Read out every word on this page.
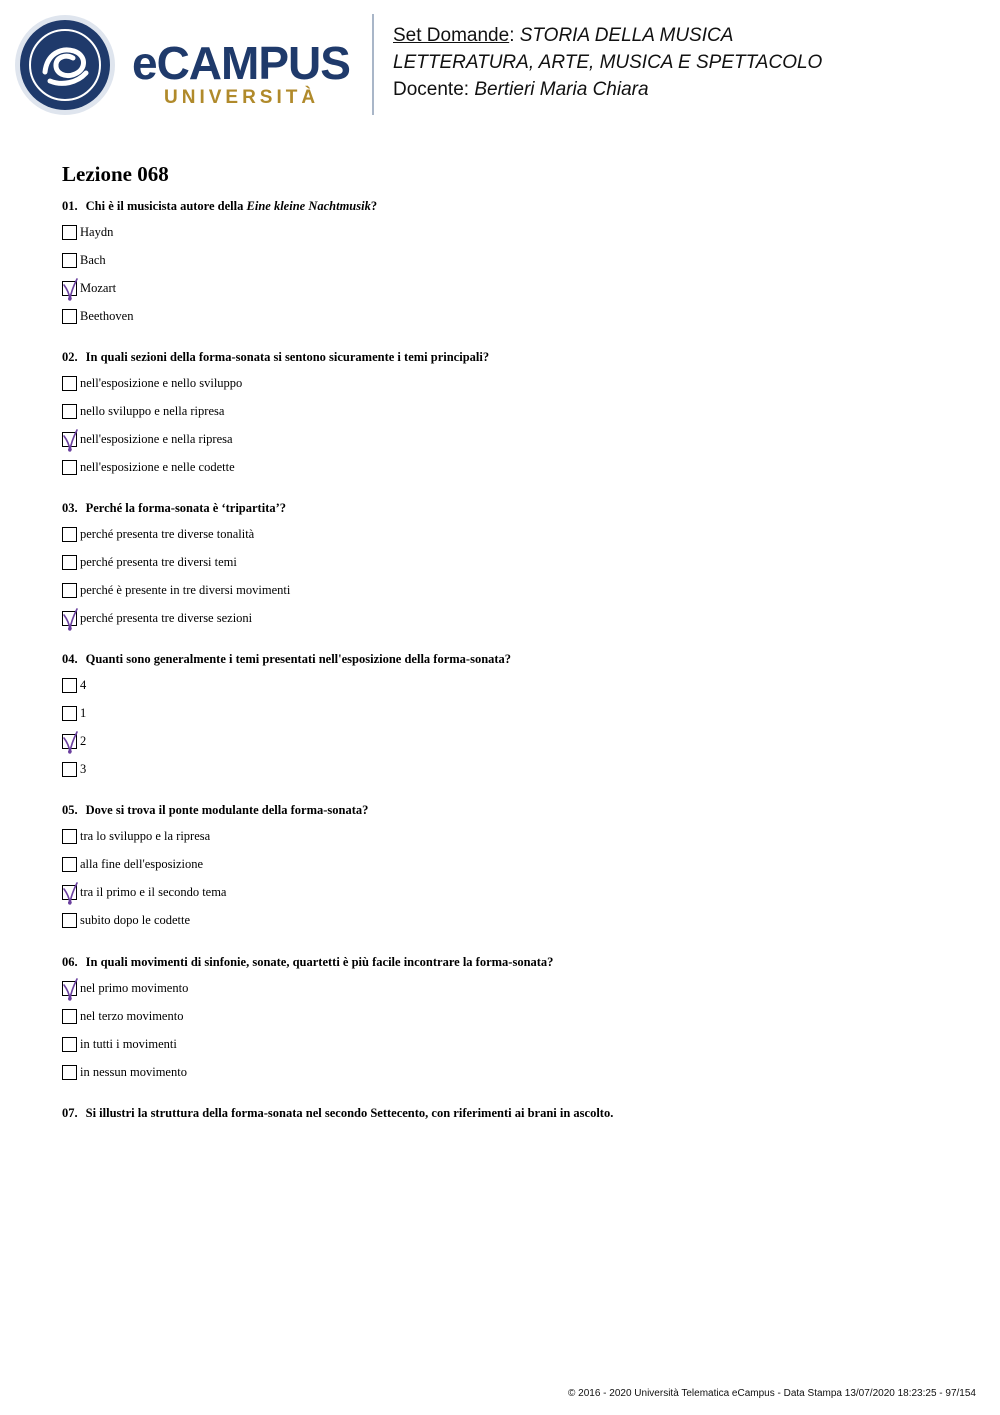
eCAMPUS
UNIVERSITÀ
Set Domande: STORIA DELLA MUSICA
LETTERATURA, ARTE, MUSICA E SPETTACOLO
Docente: Bertieri Maria Chiara
Lezione 068
01. Chi è il musicista autore della Eine kleine Nachtmusik?
Haydn
Bach
Mozart
Beethoven
02. In quali sezioni della forma-sonata si sentono sicuramente i temi principali?
nell'esposizione e nello sviluppo
nello sviluppo e nella ripresa
nell'esposizione e nella ripresa
nell'esposizione e nelle codette
03. Perché la forma-sonata è ‘tripartita’?
perché presenta tre diverse tonalità
perché presenta tre diversi temi
perché è presente in tre diversi movimenti
perché presenta tre diverse sezioni
04. Quanti sono generalmente i temi presentati nell'esposizione della forma-sonata?
4
1
2
3
05. Dove si trova il ponte modulante della forma-sonata?
tra lo sviluppo e la ripresa
alla fine dell'esposizione
tra il primo e il secondo tema
subito dopo le codette
06. In quali movimenti di sinfonie, sonate, quartetti è più facile incontrare la forma-sonata?
nel primo movimento
nel terzo movimento
in tutti i movimenti
in nessun movimento
07. Si illustri la struttura della forma-sonata nel secondo Settecento, con riferimenti ai brani in ascolto.
© 2016 - 2020 Università Telematica eCampus - Data Stampa 13/07/2020 18:23:25 - 97/154
